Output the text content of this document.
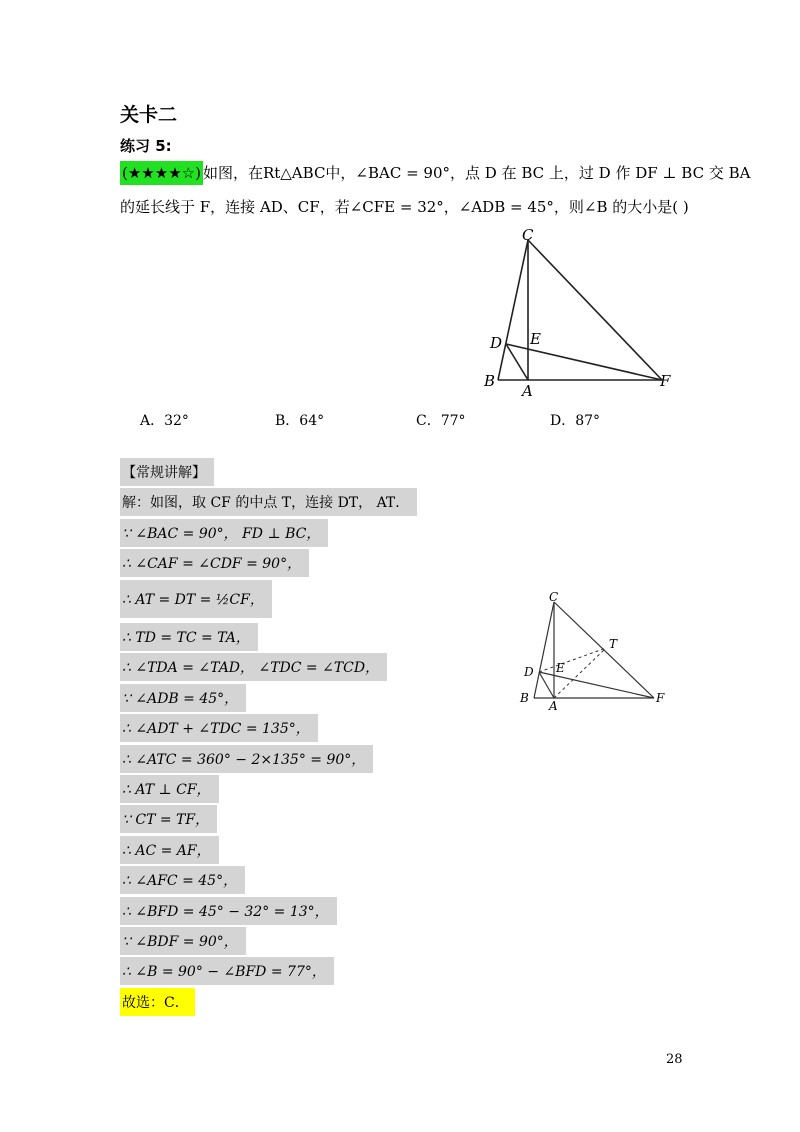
关卡二
练习 5:
(★★★★☆) 如图，在Rt△ABC中，∠BAC = 90°，点 D 在 BC 上，过 D 作 DF ⊥ BC 交 BA
的延长线于 F，连接 AD、CF，若∠CFE = 32°，∠ADB = 45°，则∠B 的大小是( )
C
D E
B
A
F
A．32°	B．64°	C．77°	D．87°
【常规讲解】
解：如图，取 CF 的中点 T，连接 DT， AT．
∵ ∠BAC = 90°， FD ⊥ BC，
∴ ∠CAF = ∠CDF = 90°，
∴ AT = DT = ½CF，
∴ TD = TC = TA，
∴ ∠TDA = ∠TAD， ∠TDC = ∠TCD，
∵ ∠ADB = 45°，
∴ ∠ADT + ∠TDC = 135°，
∴ ∠ATC = 360° − 2×135° = 90°，
∴ AT ⊥ CF，
∵ CT = TF，
∴ AC = AF，
∴ ∠AFC = 45°，
∴ ∠BFD = 45° − 32° = 13°，
∵ ∠BDF = 90°，
∴ ∠B = 90° − ∠BFD = 77°，
故选：C．
C
T
D E
B
A
F
28
